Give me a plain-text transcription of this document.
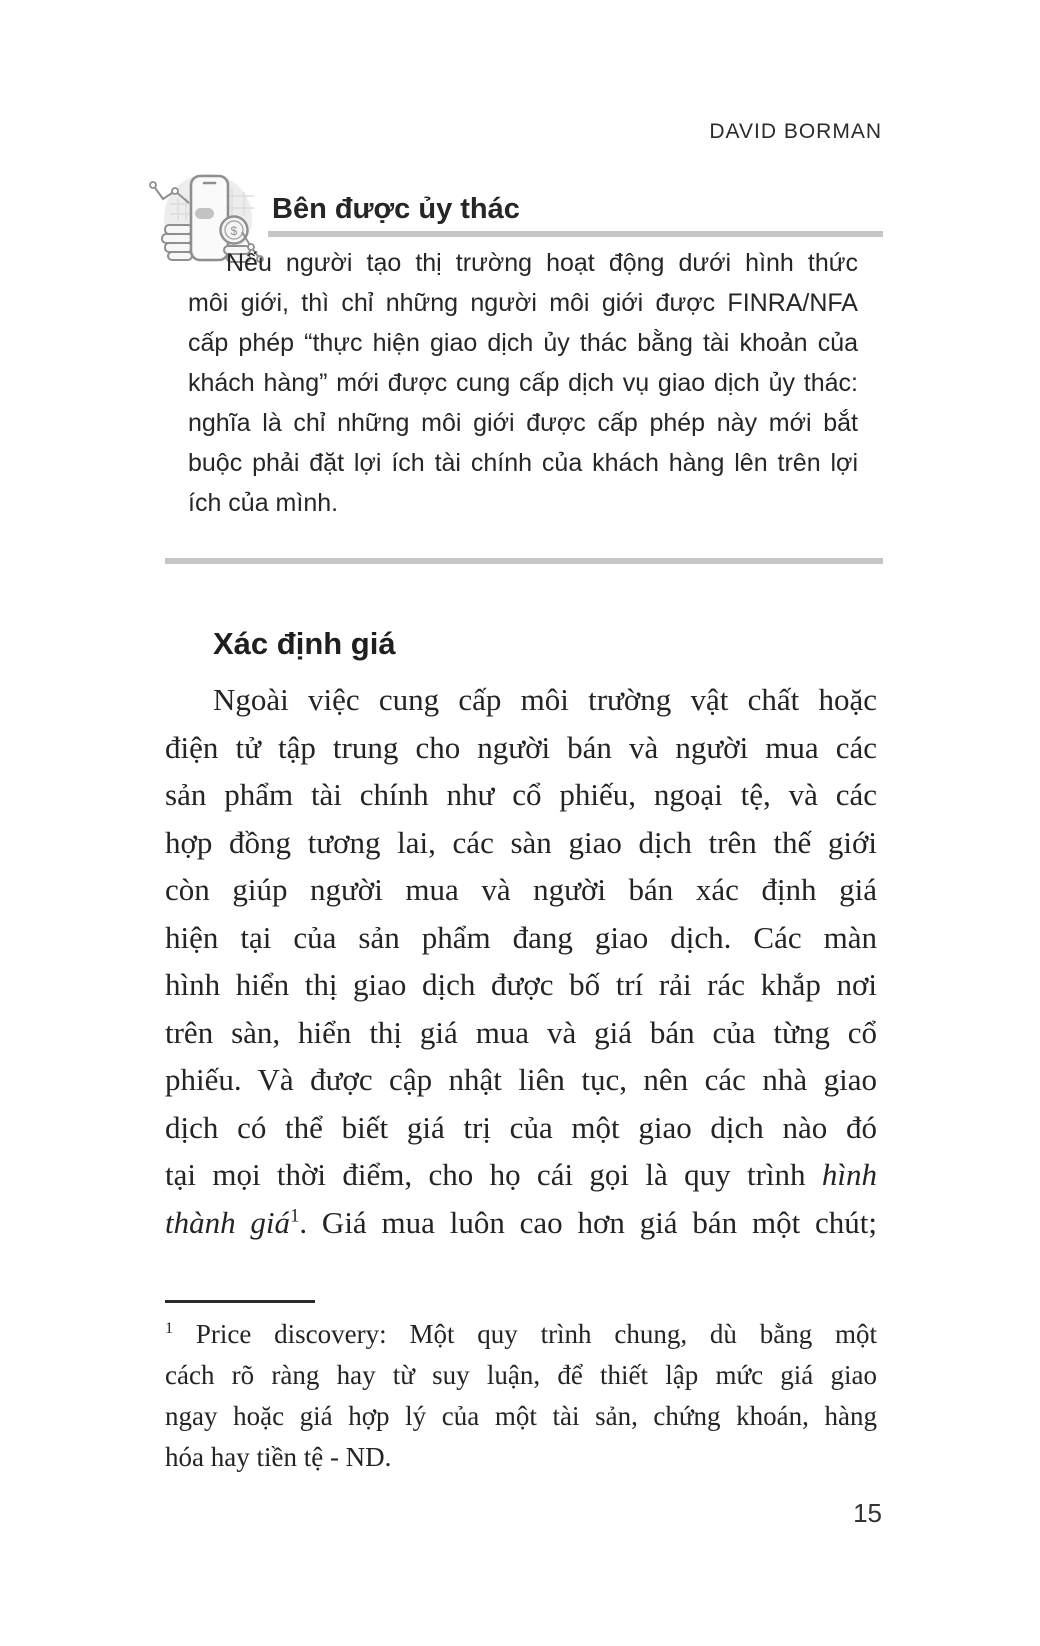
DAVID BORMAN
$
Bên được ủy thác
Nếu người tạo thị trường hoạt động dưới hình thức
môi giới, thì chỉ những người môi giới được FINRA/NFA
cấp phép “thực hiện giao dịch ủy thác bằng tài khoản của
khách hàng” mới được cung cấp dịch vụ giao dịch ủy thác:
nghĩa là chỉ những môi giới được cấp phép này mới bắt
buộc phải đặt lợi ích tài chính của khách hàng lên trên lợi
ích của mình.
Xác định giá
Ngoài việc cung cấp môi trường vật chất hoặc
điện tử tập trung cho người bán và người mua các
sản phẩm tài chính như cổ phiếu, ngoại tệ, và các
hợp đồng tương lai, các sàn giao dịch trên thế giới
còn giúp người mua và người bán xác định giá
hiện tại của sản phẩm đang giao dịch. Các màn
hình hiển thị giao dịch được bố trí rải rác khắp nơi
trên sàn, hiển thị giá mua và giá bán của từng cổ
phiếu. Và được cập nhật liên tục, nên các nhà giao
dịch có thể biết giá trị của một giao dịch nào đó
tại mọi thời điểm, cho họ cái gọi là quy trình hình
thành giá$^1$. Giá mua luôn cao hơn giá bán một chút;
$^1$ Price discovery: Một quy trình chung, dù bằng một
cách rõ ràng hay từ suy luận, để thiết lập mức giá giao
ngay hoặc giá hợp lý của một tài sản, chứng khoán, hàng
hóa hay tiền tệ - ND.
15
